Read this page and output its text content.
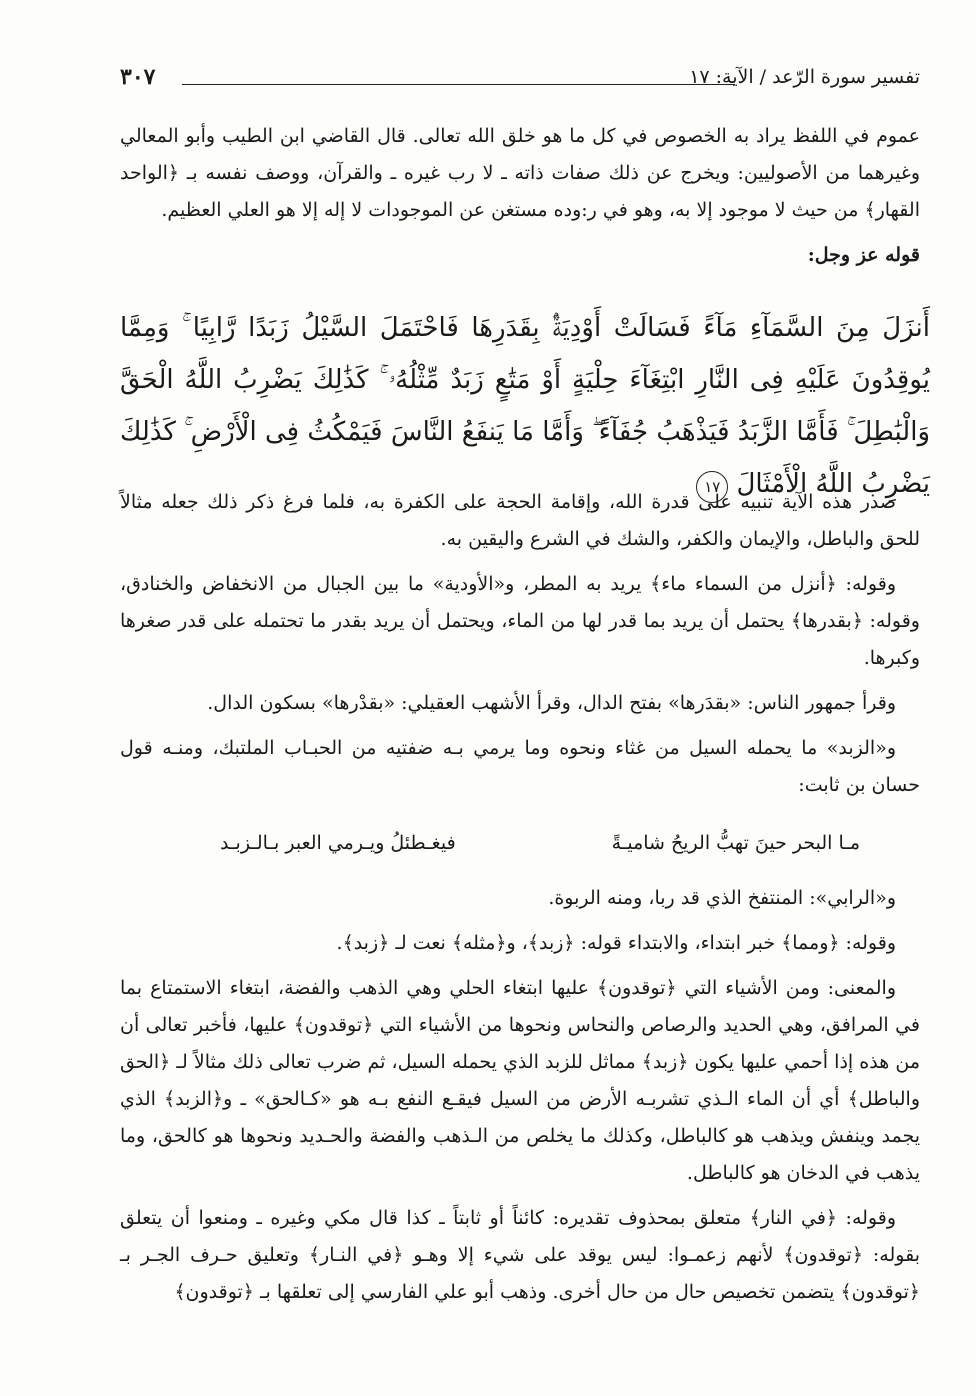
تفسير سورة الرّعد / الآية: ١٧
٣٠٧

عموم في اللفظ يراد به الخصوص في كل ما هو خلق الله تعالى. قال القاضي ابن الطيب وأبو المعالي وغيرهما من الأصوليين: ويخرج عن ذلك صفات ذاته ـ لا رب غيره ـ والقرآن، ووصف نفسه بـ ﴿الواحد القهار﴾ من حيث لا موجود إلا به، وهو في ر:وده مستغن عن الموجودات لا إله إلا هو العلي العظيم.

قوله عز وجل:

أَنزَلَ مِنَ السَّمَآءِ مَآءً فَسَالَتْ أَوْدِيَةٌۢ بِقَدَرِهَا فَاحْتَمَلَ السَّيْلُ زَبَدًا رَّابِيًا ۚ وَمِمَّا يُوقِدُونَ عَلَيْهِ فِى النَّارِ ابْتِغَآءَ حِلْيَةٍ أَوْ مَتَٰعٍ زَبَدٌ مِّثْلُهُۥ ۚ كَذَٰلِكَ يَضْرِبُ اللَّهُ الْحَقَّ وَالْبَٰطِلَ ۚ فَأَمَّا الزَّبَدُ فَيَذْهَبُ جُفَآءً ۖ وَأَمَّا مَا يَنفَعُ النَّاسَ فَيَمْكُثُ فِى الْأَرْضِ ۚ كَذَٰلِكَ يَضْرِبُ اللَّهُ الْأَمْثَالَ ١٧

صدر هذه الآية تنبيه على قدرة الله، وإقامة الحجة على الكفرة به، فلما فرغ ذكر ذلك جعله مثالاً للحق والباطل، والإيمان والكفر، والشك في الشرع واليقين به.

وقوله: ﴿أنزل من السماء ماء﴾ يريد به المطر، و«الأودية» ما بين الجبال من الانخفاض والخنادق، وقوله: ﴿بقدرها﴾ يحتمل أن يريد بما قدر لها من الماء، ويحتمل أن يريد بقدر ما تحتمله على قدر صغرها وكبرها.

وقرأ جمهور الناس: «بقدَرها» بفتح الدال، وقرأ الأشهب العقيلي: «بقدْرها» بسكون الدال.

و«الزبد» ما يحمله السيل من غثاء ونحوه وما يرمي بـه ضفتيه من الحبـاب الملتبك، ومنـه قول حسان بن ثابت:

مـا البحر حينَ تهبُّ الريحُ شاميـةً
فيغـطئلُ ويـرمي العبر بـالـزبـد

و«الرابي»: المنتفخ الذي قد ربا، ومنه الربوة.

وقوله: ﴿ومما﴾ خبر ابتداء، والابتداء قوله: ﴿زبد﴾، و﴿مثله﴾ نعت لـ ﴿زبد﴾.

والمعنى: ومن الأشياء التي ﴿توقدون﴾ عليها ابتغاء الحلي وهي الذهب والفضة، ابتغاء الاستمتاع بما في المرافق، وهي الحديد والرصاص والنحاس ونحوها من الأشياء التي ﴿توقدون﴾ عليها، فأخبر تعالى أن من هذه إذا أحمي عليها يكون ﴿زبد﴾ مماثل للزبد الذي يحمله السيل، ثم ضرب تعالى ذلك مثالاً لـ ﴿الحق والباطل﴾ أي أن الماء الـذي تشربـه الأرض من السيل فيقـع النفع بـه هو «كـالحق» ـ و﴿الزبد﴾ الذي يجمد وينفش ويذهب هو كالباطل، وكذلك ما يخلص من الـذهب والفضة والحـديد ونحوها هو كالحق، وما يذهب في الدخان هو كالباطل.

وقوله: ﴿في النار﴾ متعلق بمحذوف تقديره: كائناً أو ثابتاً ـ كذا قال مكي وغيره ـ ومنعوا أن يتعلق بقوله: ﴿توقدون﴾ لأنهم زعمـوا: ليس يوقد على شيء إلا وهـو ﴿في النـار﴾ وتعليق حـرف الجـر بـ ﴿توقدون﴾ يتضمن تخصيص حال من حال أخرى. وذهب أبو علي الفارسي إلى تعلقها بـ ﴿توقدون﴾
